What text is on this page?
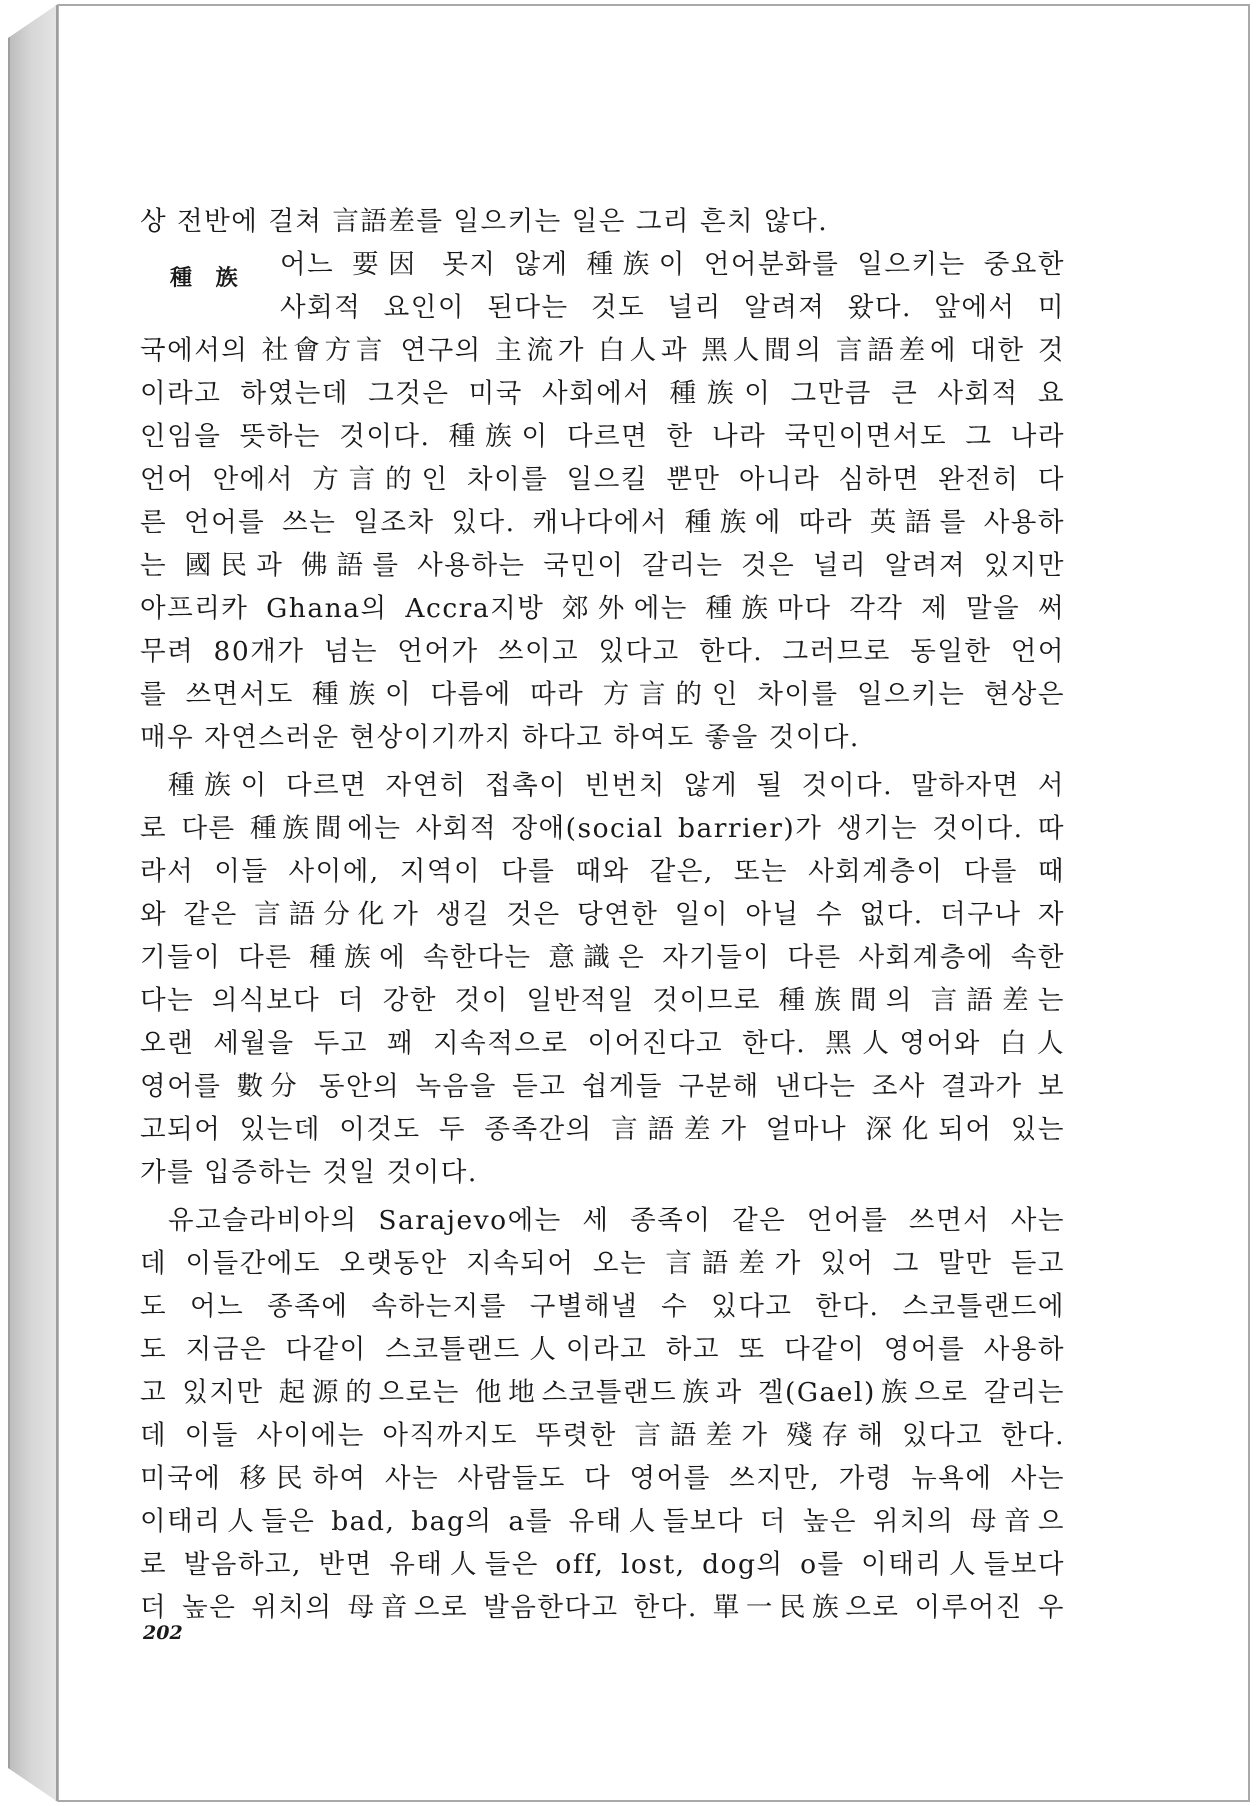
상 전반에 걸쳐 言語差를 일으키는 일은 그리 흔치 않다.
種 族	어느 要因 못지 않게 種族이 언어분화를 일으키는 중요한
사회적 요인이 된다는 것도 널리 알려져 왔다. 앞에서 미
국에서의 社會方言 연구의 主流가 白人과 黑人間의 言語差에 대한 것
이라고 하였는데 그것은 미국 사회에서 種族이 그만큼 큰 사회적 요
인임을 뜻하는 것이다. 種族이 다르면 한 나라 국민이면서도 그 나라
언어 안에서 方言的인 차이를 일으킬 뿐만 아니라 심하면 완전히 다
른 언어를 쓰는 일조차 있다. 캐나다에서 種族에 따라 英語를 사용하
는 國民과 佛語를 사용하는 국민이 갈리는 것은 널리 알려져 있지만
아프리카 Ghana의 Accra지방 郊外에는 種族마다 각각 제 말을 써
무려 80개가 넘는 언어가 쓰이고 있다고 한다. 그러므로 동일한 언어
를 쓰면서도 種族이 다름에 따라 方言的인 차이를 일으키는 현상은
매우 자연스러운 현상이기까지 하다고 하여도 좋을 것이다.
種族이 다르면 자연히 접촉이 빈번치 않게 될 것이다. 말하자면 서
로 다른 種族間에는 사회적 장애(social barrier)가 생기는 것이다. 따
라서 이들 사이에, 지역이 다를 때와 같은, 또는 사회계층이 다를 때
와 같은 言語分化가 생길 것은 당연한 일이 아닐 수 없다. 더구나 자
기들이 다른 種族에 속한다는 意識은 자기들이 다른 사회계층에 속한
다는 의식보다 더 강한 것이 일반적일 것이므로 種族間의 言語差는
오랜 세월을 두고 꽤 지속적으로 이어진다고 한다. 黑人영어와 白人
영어를 數分 동안의 녹음을 듣고 쉽게들 구분해 낸다는 조사 결과가 보
고되어 있는데 이것도 두 종족간의 言語差가 얼마나 深化되어 있는
가를 입증하는 것일 것이다.
유고슬라비아의 Sarajevo에는 세 종족이 같은 언어를 쓰면서 사는
데 이들간에도 오랫동안 지속되어 오는 言語差가 있어 그 말만 듣고
도 어느 종족에 속하는지를 구별해낼 수 있다고 한다. 스코틀랜드에
도 지금은 다같이 스코틀랜드人이라고 하고 또 다같이 영어를 사용하
고 있지만 起源的으로는 他地스코틀랜드族과 겔(Gael)族으로 갈리는
데 이들 사이에는 아직까지도 뚜렷한 言語差가 殘存해 있다고 한다.
미국에 移民하여 사는 사람들도 다 영어를 쓰지만, 가령 뉴욕에 사는
이태리人들은 bad, bag의 a를 유태人들보다 더 높은 위치의 母音으
로 발음하고, 반면 유태人들은 off, lost, dog의 o를 이태리人들보다
더 높은 위치의 母音으로 발음한다고 한다. 單一民族으로 이루어진 우
202
